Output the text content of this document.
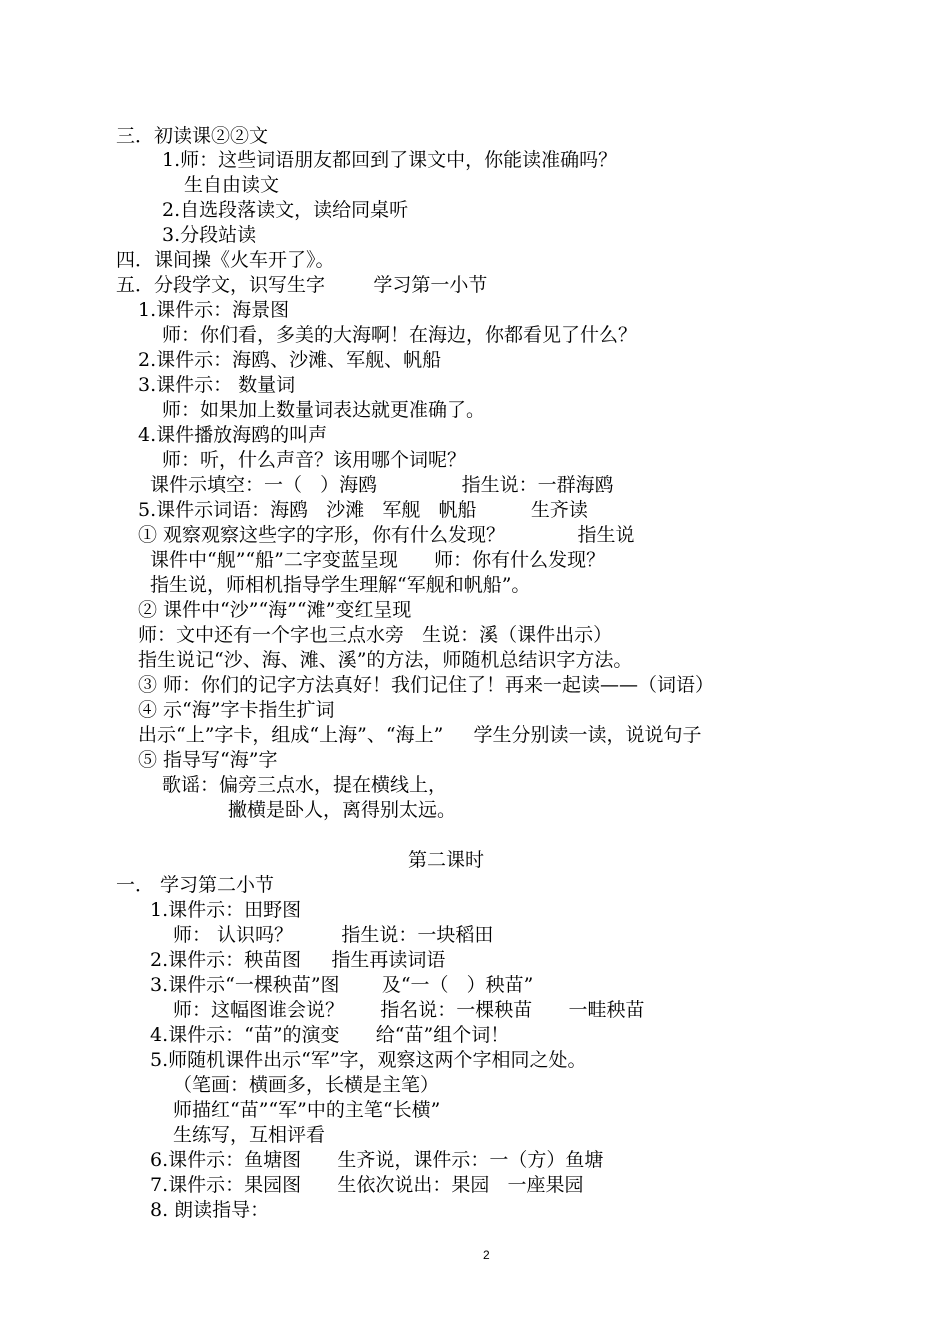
三．初读课②②文
1.师：这些词语朋友都回到了课文中，你能读准确吗？
生自由读文
2.自选段落读文，读给同桌听
3.分段站读
四．课间操《火车开了》。
五．分段学文，识写生字        学习第一小节
1.课件示：海景图
师：你们看，多美的大海啊！在海边，你都看见了什么？
2.课件示：海鸥、沙滩、军舰、帆船
3.课件示： 数量词
师：如果加上数量词表达就更准确了。
4.课件播放海鸥的叫声
师：听，什么声音？该用哪个词呢？
课件示填空：一（   ）海鸥              指生说：一群海鸥
5.课件示词语：海鸥   沙滩   军舰   帆船         生齐读
① 观察观察这些字的字形，你有什么发现？            指生说
课件中“舰”“船”二字变蓝呈现      师：你有什么发现？
指生说，师相机指导学生理解“军舰和帆船”。
② 课件中“沙”“海”“滩”变红呈现
师：文中还有一个字也三点水旁   生说：溪（课件出示）
指生说记“沙、海、滩、溪”的方法，师随机总结识字方法。
③ 师：你们的记字方法真好！我们记住了！再来一起读——（词语）
④ 示“海”字卡指生扩词
出示“上”字卡，组成“上海”、“海上”     学生分别读一读，说说句子
⑤ 指导写“海”字
歌谣：偏旁三点水，提在横线上，
撇横是卧人，离得别太远。
第二课时
一． 学习第二小节
1.课件示：田野图
师： 认识吗？        指生说：一块稻田
2.课件示：秧苗图     指生再读词语
3.课件示“一棵秧苗”图       及“一（   ）秧苗”
师：这幅图谁会说？      指名说：一棵秧苗      一畦秧苗
4.课件示：“苗”的演变      给“苗”组个词！
5.师随机课件出示“军”字，观察这两个字相同之处。
（笔画：横画多，长横是主笔）
师描红“苗”“军”中的主笔“长横”
生练写，互相评看
6.课件示：鱼塘图      生齐说，课件示：一（方）鱼塘
7.课件示：果园图      生依次说出：果园   一座果园
8. 朗读指导：
2
